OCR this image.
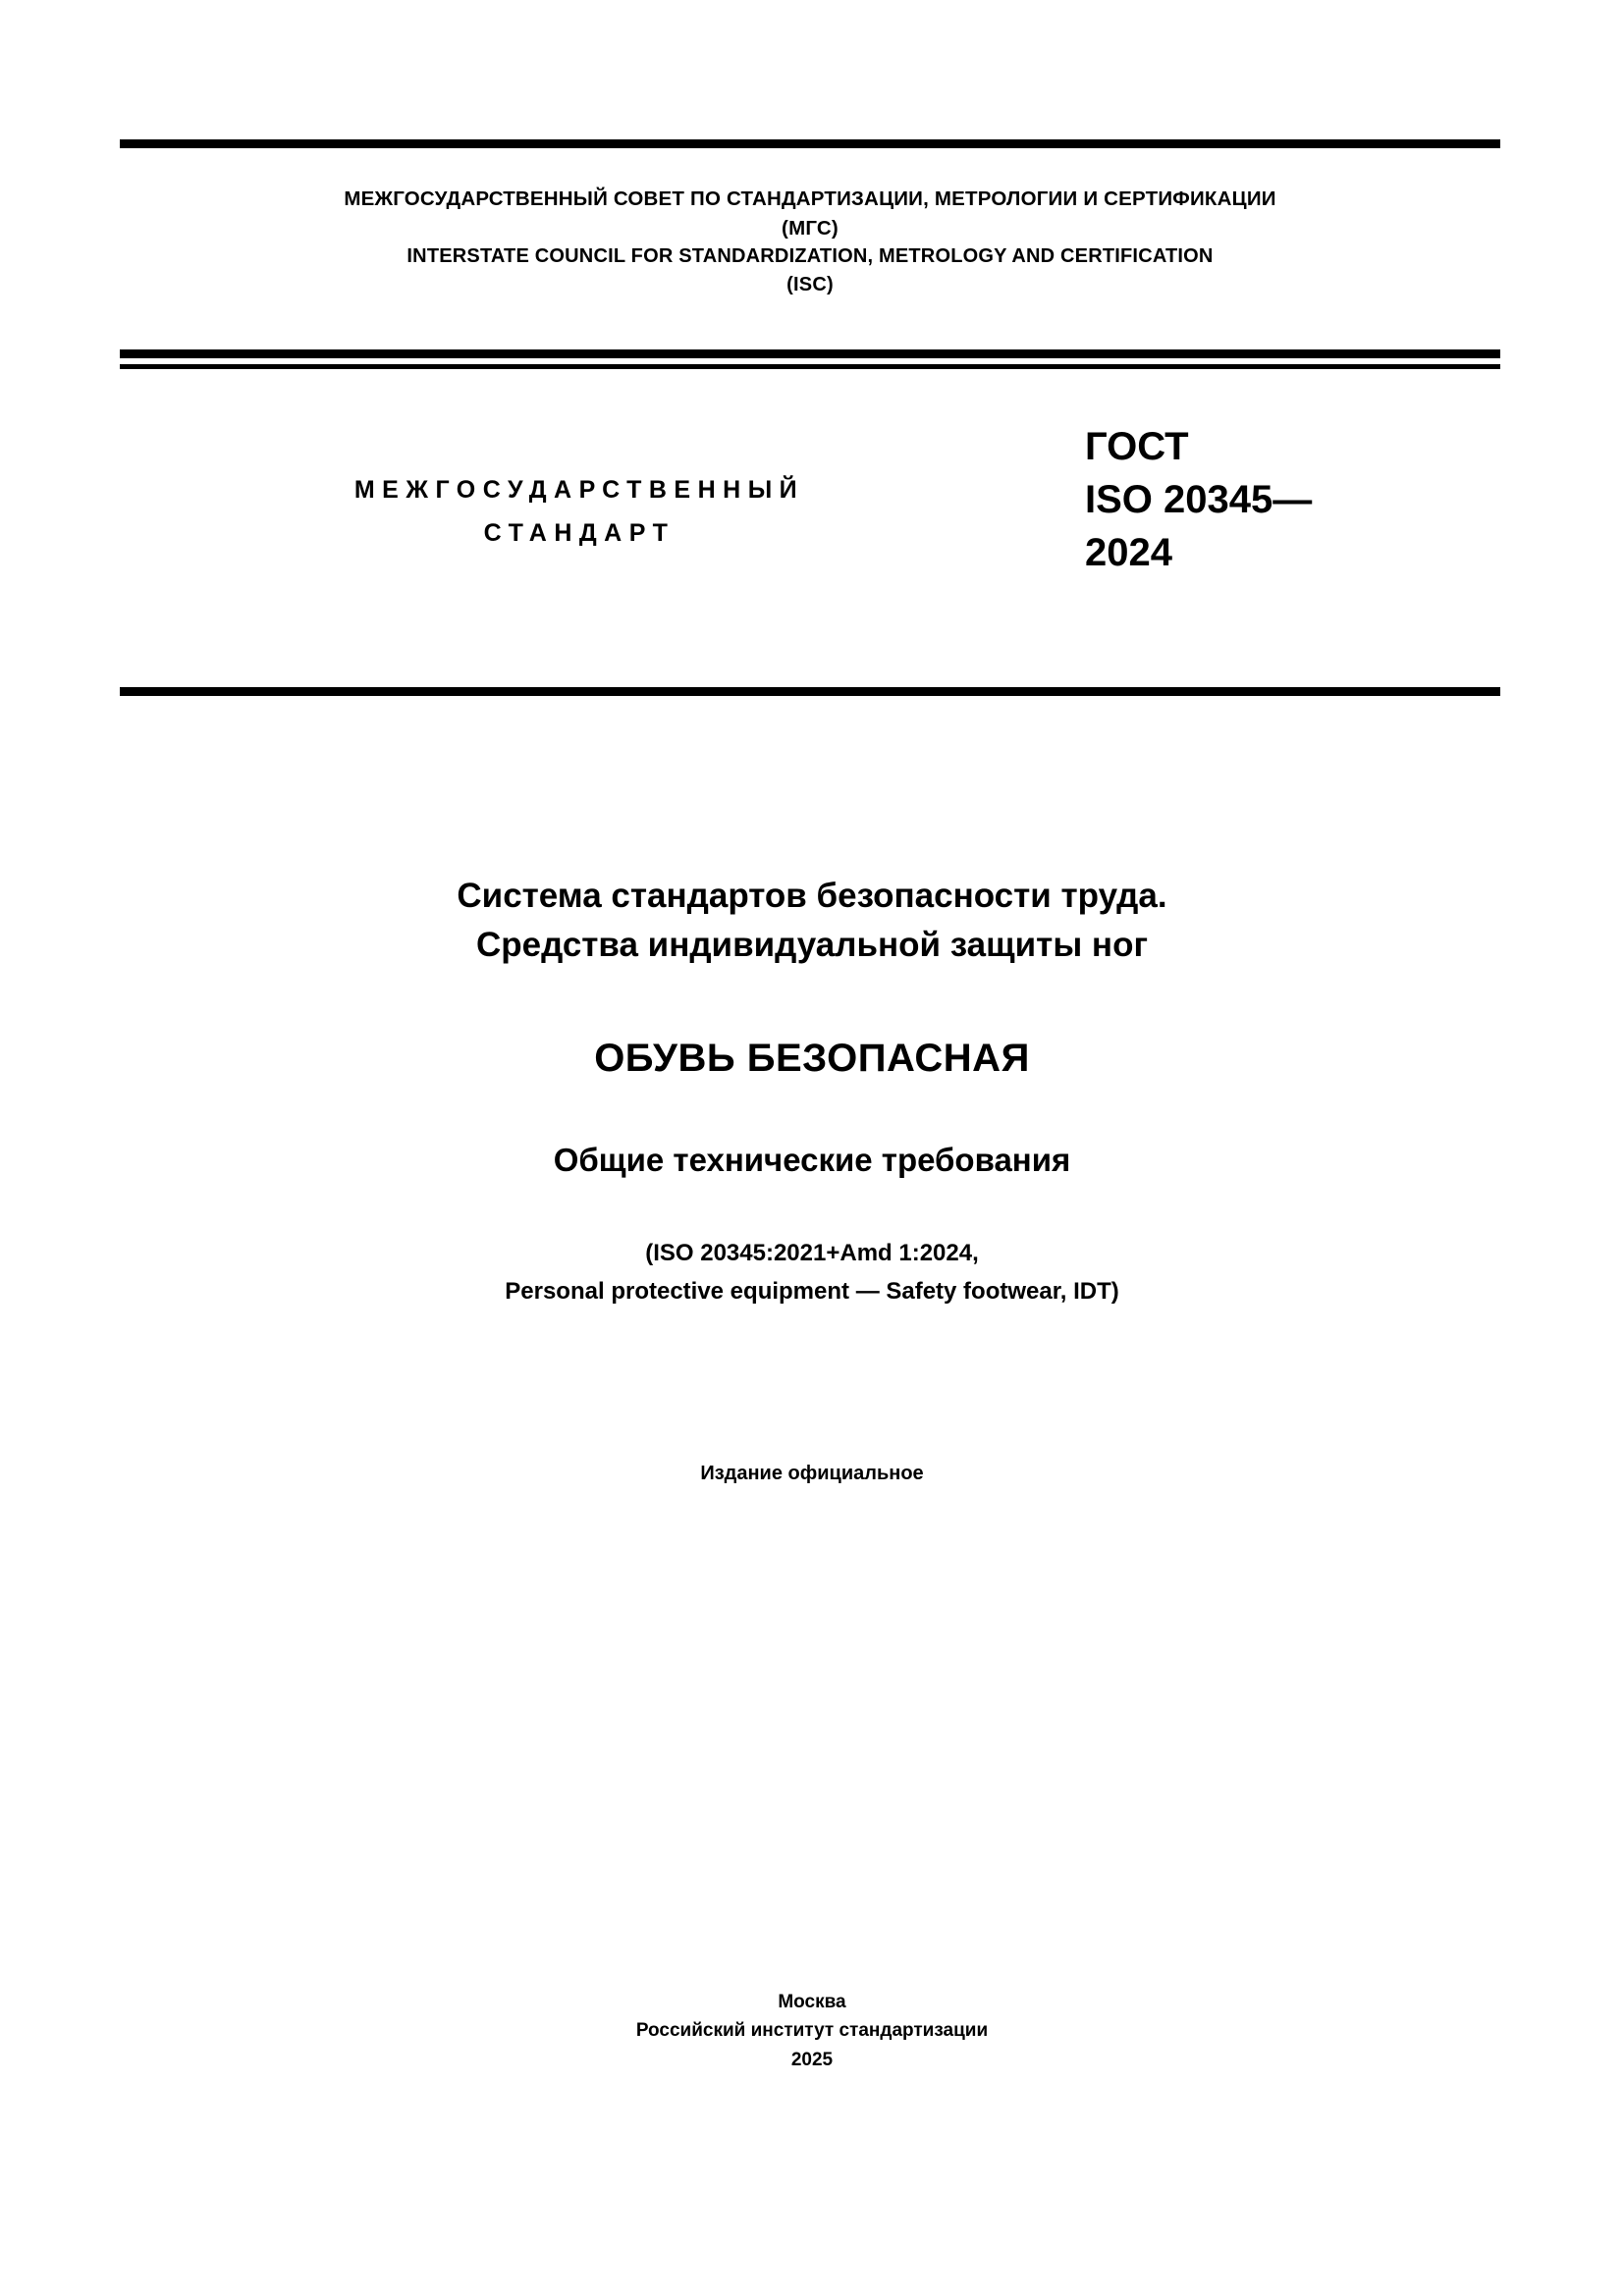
МЕЖГОСУДАРСТВЕННЫЙ СОВЕТ ПО СТАНДАРТИЗАЦИИ, МЕТРОЛОГИИ И СЕРТИФИКАЦИИ
(МГС)
INTERSTATE COUNCIL FOR STANDARDIZATION, METROLOGY AND CERTIFICATION
(ISC)
МЕЖГОСУДАРСТВЕННЫЙ
СТАНДАРТ
ГОСТ
ISO 20345—
2024
Система стандартов безопасности труда.
Средства индивидуальной защиты ног
ОБУВЬ БЕЗОПАСНАЯ
Общие технические требования
(ISO 20345:2021+Amd 1:2024,
Personal protective equipment — Safety footwear, IDT)
Издание официальное
Москва
Российский институт стандартизации
2025
